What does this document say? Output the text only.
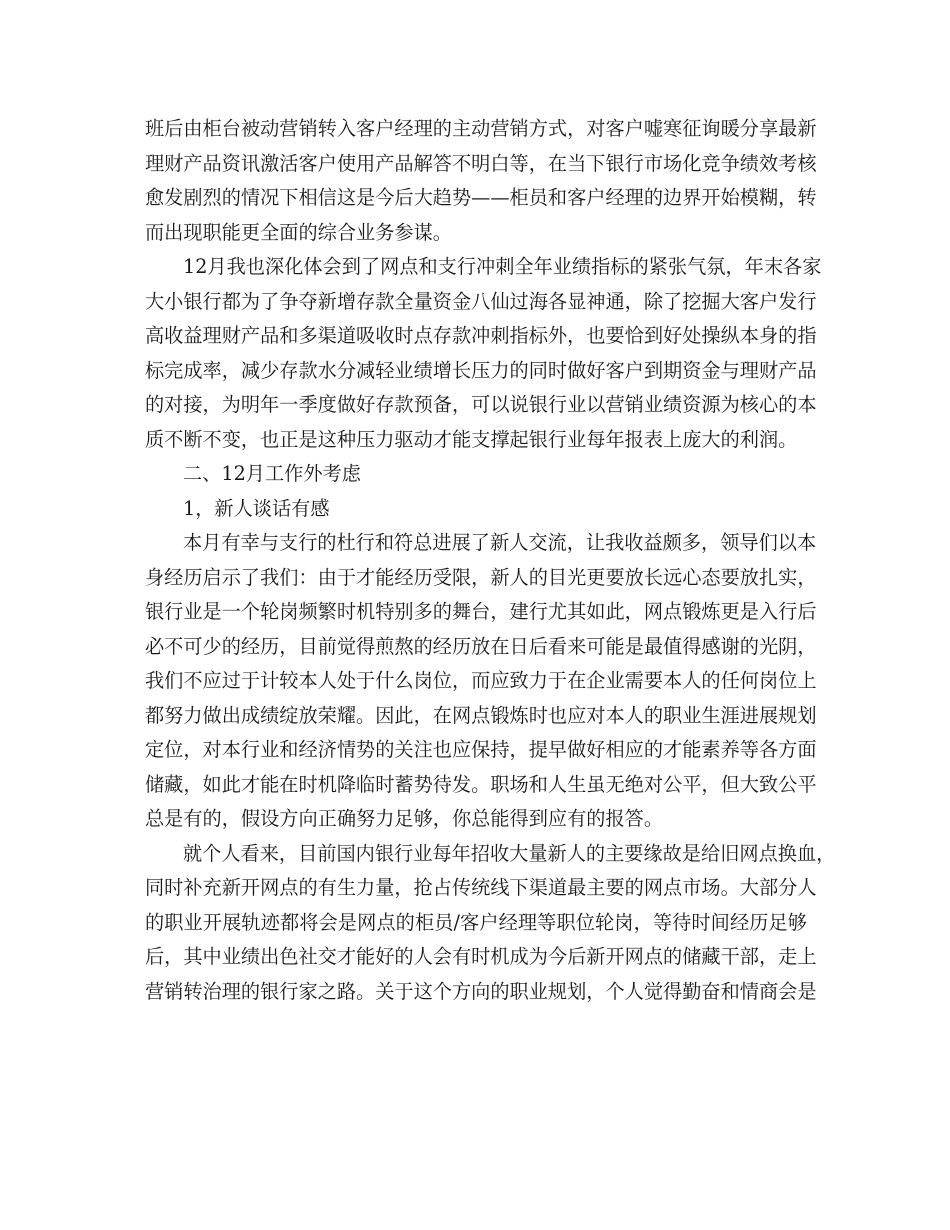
班后由柜台被动营销转入客户经理的主动营销方式，对客户嘘寒征询暖分享最新
理财产品资讯激活客户使用产品解答不明白等，在当下银行市场化竞争绩效考核
愈发剧烈的情况下相信这是今后大趋势——柜员和客户经理的边界开始模糊，转
而出现职能更全面的综合业务参谋。
12月我也深化体会到了网点和支行冲刺全年业绩指标的紧张气氛，年末各家
大小银行都为了争夺新增存款全量资金八仙过海各显神通，除了挖掘大客户发行
高收益理财产品和多渠道吸收时点存款冲刺指标外，也要恰到好处操纵本身的指
标完成率，减少存款水分减轻业绩增长压力的同时做好客户到期资金与理财产品
的对接，为明年一季度做好存款预备，可以说银行业以营销业绩资源为核心的本
质不断不变，也正是这种压力驱动才能支撑起银行业每年报表上庞大的利润。
二、12月工作外考虑
1，新人谈话有感
本月有幸与支行的杜行和符总进展了新人交流，让我收益颇多，领导们以本
身经历启示了我们：由于才能经历受限，新人的目光更要放长远心态要放扎实，
银行业是一个轮岗频繁时机特别多的舞台，建行尤其如此，网点锻炼更是入行后
必不可少的经历，目前觉得煎熬的经历放在日后看来可能是最值得感谢的光阴，
我们不应过于计较本人处于什么岗位，而应致力于在企业需要本人的任何岗位上
都努力做出成绩绽放荣耀。因此，在网点锻炼时也应对本人的职业生涯进展规划
定位，对本行业和经济情势的关注也应保持，提早做好相应的才能素养等各方面
储藏，如此才能在时机降临时蓄势待发。职场和人生虽无绝对公平，但大致公平
总是有的，假设方向正确努力足够，你总能得到应有的报答。
就个人看来，目前国内银行业每年招收大量新人的主要缘故是给旧网点换血，
同时补充新开网点的有生力量，抢占传统线下渠道最主要的网点市场。大部分人
的职业开展轨迹都将会是网点的柜员/客户经理等职位轮岗，等待时间经历足够
后，其中业绩出色社交才能好的人会有时机成为今后新开网点的储藏干部，走上
营销转治理的银行家之路。关于这个方向的职业规划，个人觉得勤奋和情商会是
